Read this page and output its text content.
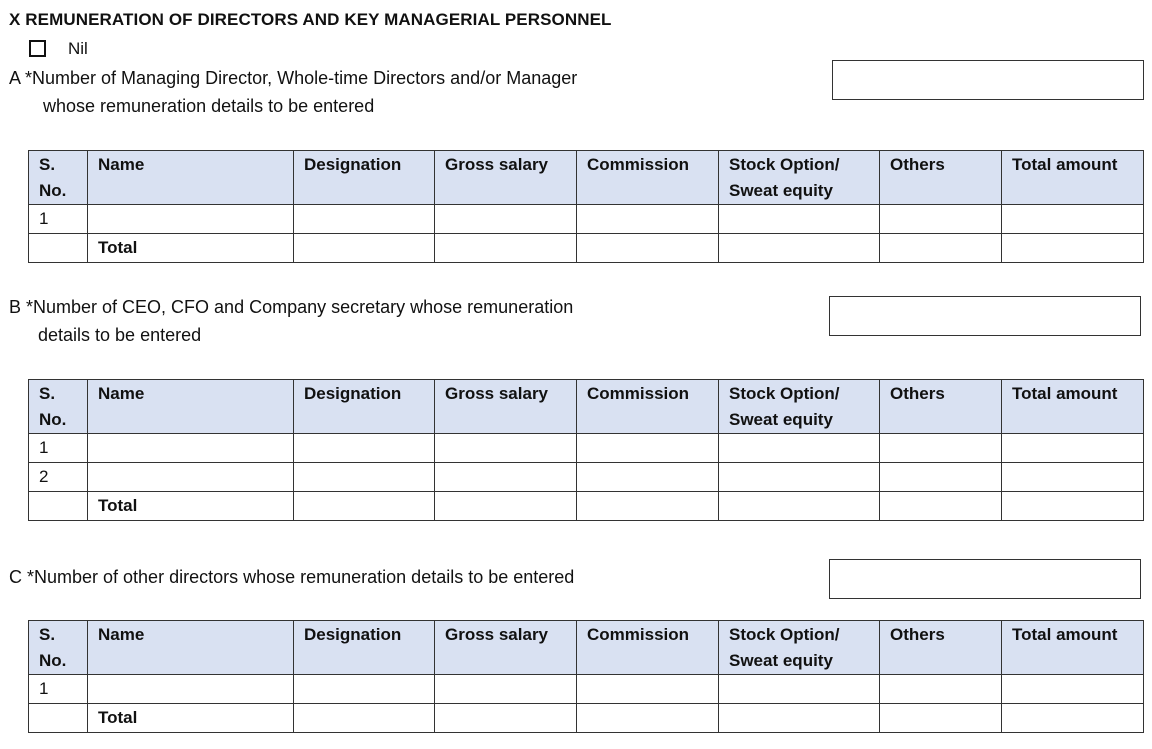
X REMUNERATION OF DIRECTORS AND KEY MANAGERIAL PERSONNEL
Nil
A *Number of Managing Director, Whole-time Directors and/or Manager
whose remuneration details to be entered
S. No.	Name	Designation	Gross salary	Commission	Stock Option/ Sweat equity	Others	Total amount
1							
	Total						
B *Number of CEO, CFO and Company secretary whose remuneration
details to be entered
S. No.	Name	Designation	Gross salary	Commission	Stock Option/ Sweat equity	Others	Total amount
1							
2							
	Total						
C *Number of other directors whose remuneration details to be entered
S. No.	Name	Designation	Gross salary	Commission	Stock Option/ Sweat equity	Others	Total amount
1							
	Total						
